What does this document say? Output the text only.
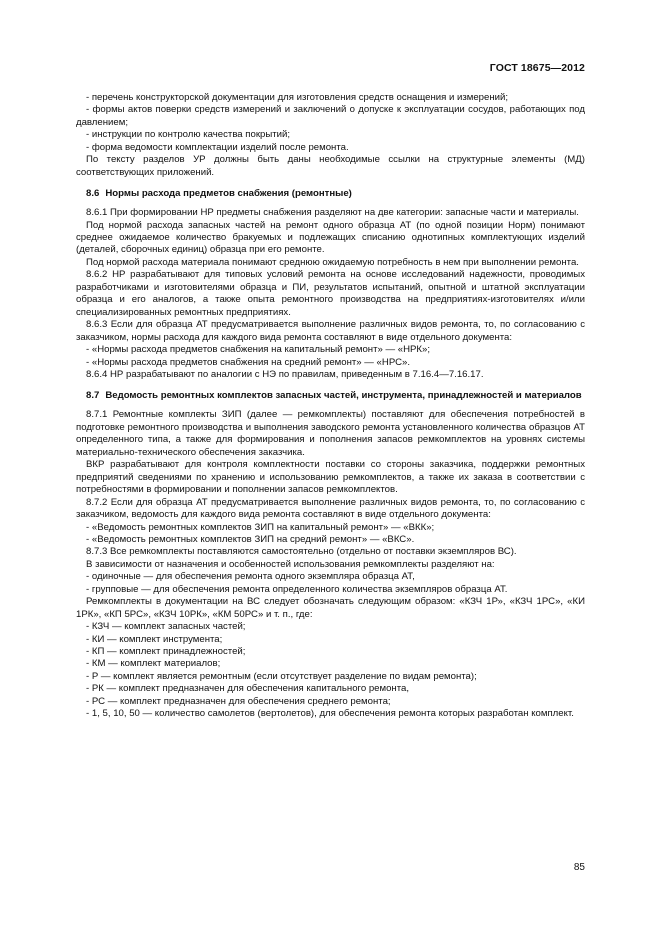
ГОСТ 18675—2012

- перечень конструкторской документации для изготовления средств оснащения и измерений;

- формы актов поверки средств измерений и заключений о допуске к эксплуатации сосудов, работающих под давлением;

- инструкции по контролю качества покрытий;

- форма ведомости комплектации изделий после ремонта.

По тексту разделов УР должны быть даны необходимые ссылки на структурные элементы (МД) соответствующих приложений.

8.6 Нормы расхода предметов снабжения (ремонтные)

8.6.1 При формировании НР предметы снабжения разделяют на две категории: запасные части и материалы.

Под нормой расхода запасных частей на ремонт одного образца АТ (по одной позиции Норм) понимают среднее ожидаемое количество бракуемых и подлежащих списанию однотипных комплектующих изделий (деталей, сборочных единиц) образца при его ремонте.

Под нормой расхода материала понимают среднюю ожидаемую потребность в нем при выполнении ремонта.

8.6.2 НР разрабатывают для типовых условий ремонта на основе исследований надежности, проводимых разработчиками и изготовителями образца и ПИ, результатов испытаний, опытной и штатной эксплуатации образца и его аналогов, а также опыта ремонтного производства на предприятиях-изготовителях и/или специализированных ремонтных предприятиях.

8.6.3 Если для образца АТ предусматривается выполнение различных видов ремонта, то, по согласованию с заказчиком, нормы расхода для каждого вида ремонта составляют в виде отдельного документа:

- «Нормы расхода предметов снабжения на капитальный ремонт» — «НРК»;

- «Нормы расхода предметов снабжения на средний ремонт» — «НРС».

8.6.4 НР разрабатывают по аналогии с НЭ по правилам, приведенным в 7.16.4—7.16.17.

8.7 Ведомость ремонтных комплектов запасных частей, инструмента, принадлежностей и материалов

8.7.1 Ремонтные комплекты ЗИП (далее — ремкомплекты) поставляют для обеспечения потребностей в подготовке ремонтного производства и выполнения заводского ремонта установленного количества образцов АТ определенного типа, а также для формирования и пополнения запасов ремкомплектов на уровнях системы материально-технического обеспечения заказчика.

ВКР разрабатывают для контроля комплектности поставки со стороны заказчика, поддержки ремонтных предприятий сведениями по хранению и использованию ремкомплектов, а также их заказа в соответствии с потребностями в формировании и пополнении запасов ремкомплектов.

8.7.2 Если для образца АТ предусматривается выполнение различных видов ремонта, то, по согласованию с заказчиком, ведомость для каждого вида ремонта составляют в виде отдельного документа:

- «Ведомость ремонтных комплектов ЗИП на капитальный ремонт» — «ВКК»;

- «Ведомость ремонтных комплектов ЗИП на средний ремонт» — «ВКС».

8.7.3 Все ремкомплекты поставляются самостоятельно (отдельно от поставки экземпляров ВС).

В зависимости от назначения и особенностей использования ремкомплекты разделяют на:

- одиночные — для обеспечения ремонта одного экземпляра образца АТ,

- групповые — для обеспечения ремонта определенного количества экземпляров образца АТ.

Ремкомплекты в документации на ВС следует обозначать следующим образом: «КЗЧ 1Р», «КЗЧ 1РС», «КИ 1РК», «КП 5РС», «КЗЧ 10РК», «КМ 50РС» и т. п., где:

- КЗЧ — комплект запасных частей;

- КИ — комплект инструмента;

- КП — комплект принадлежностей;

- КМ — комплект материалов;

- Р — комплект является ремонтным (если отсутствует разделение по видам ремонта);

- РК — комплект предназначен для обеспечения капитального ремонта,

- РС — комплект предназначен для обеспечения среднего ремонта;

- 1, 5, 10, 50 — количество самолетов (вертолетов), для обеспечения ремонта которых разработан комплект.

85
